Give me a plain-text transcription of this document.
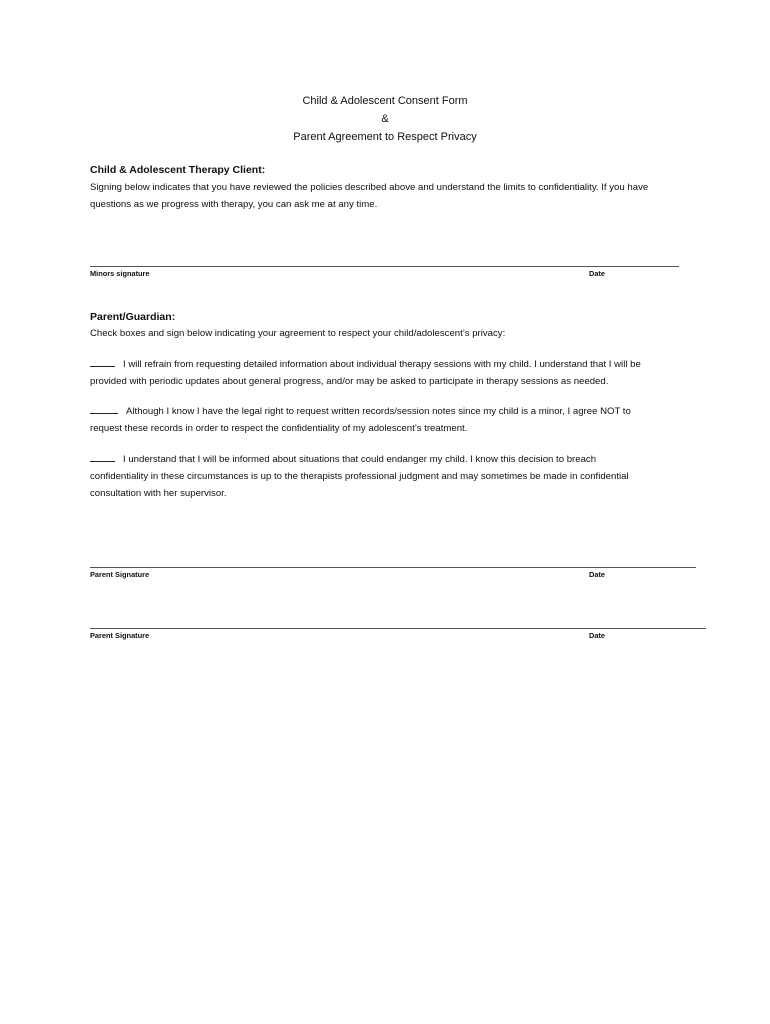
Child & Adolescent Consent Form
&
Parent Agreement to Respect Privacy
Child & Adolescent Therapy Client:
Signing below indicates that you have reviewed the policies described above and understand the limits to confidentiality. If you have
questions as we progress with therapy, you can ask me at any time.
Minors signature	Date
Parent/Guardian:
Check boxes and sign below indicating your agreement to respect your child/adolescent’s privacy:
I will refrain from requesting detailed information about individual therapy sessions with my child. I understand that I will be
provided with periodic updates about general progress, and/or may be asked to participate in therapy sessions as needed.
Although I know I have the legal right to request written records/session notes since my child is a minor, I agree NOT to
request these records in order to respect the confidentiality of my adolescent’s treatment.
I understand that I will be informed about situations that could endanger my child. I know this decision to breach
confidentiality in these circumstances is up to the therapists professional judgment and may sometimes be made in confidential
consultation with her supervisor.
Parent Signature	Date
Parent Signature	Date
